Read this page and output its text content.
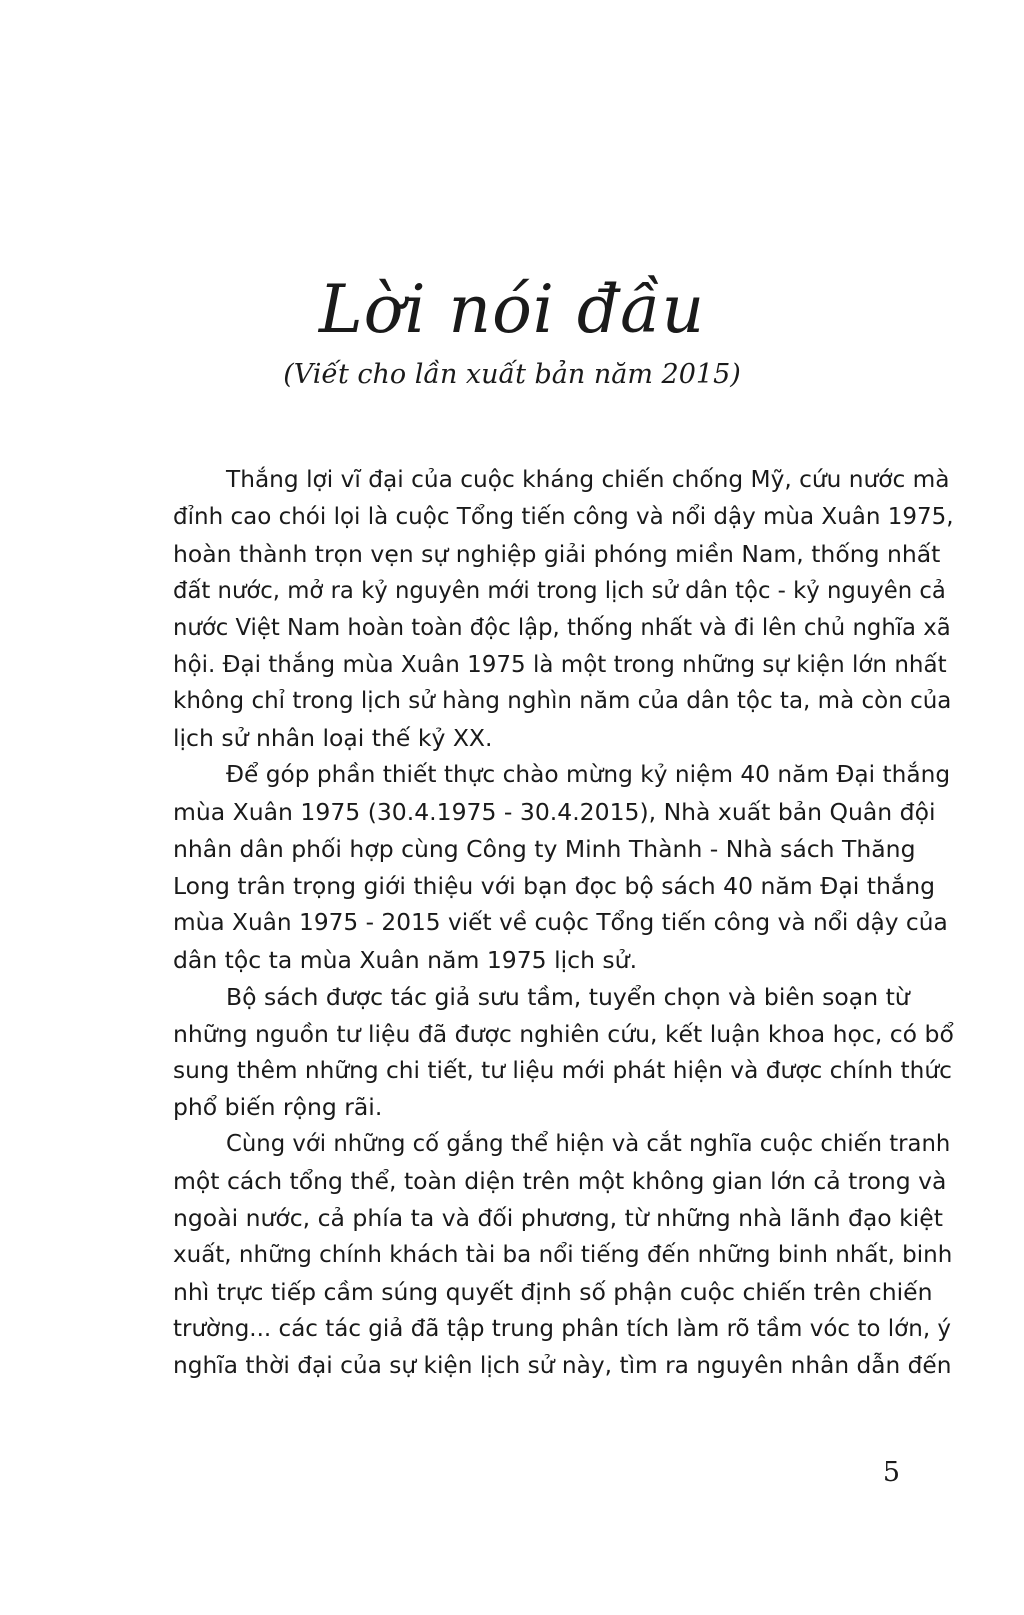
Lời nói đầu
(Viết cho lần xuất bản năm 2015)

Thắng lợi vĩ đại của cuộc kháng chiến chống Mỹ, cứu nước mà
đỉnh cao chói lọi là cuộc Tổng tiến công và nổi dậy mùa Xuân 1975,
hoàn thành trọn vẹn sự nghiệp giải phóng miền Nam, thống nhất
đất nước, mở ra kỷ nguyên mới trong lịch sử dân tộc - kỷ nguyên cả
nước Việt Nam hoàn toàn độc lập, thống nhất và đi lên chủ nghĩa xã
hội. Đại thắng mùa Xuân 1975 là một trong những sự kiện lớn nhất
không chỉ trong lịch sử hàng nghìn năm của dân tộc ta, mà còn của
lịch sử nhân loại thế kỷ XX.

Để góp phần thiết thực chào mừng kỷ niệm 40 năm Đại thắng
mùa Xuân 1975 (30.4.1975 - 30.4.2015), Nhà xuất bản Quân đội
nhân dân phối hợp cùng Công ty Minh Thành - Nhà sách Thăng
Long trân trọng giới thiệu với bạn đọc bộ sách 40 năm Đại thắng
mùa Xuân 1975 - 2015 viết về cuộc Tổng tiến công và nổi dậy của
dân tộc ta mùa Xuân năm 1975 lịch sử.

Bộ sách được tác giả sưu tầm, tuyển chọn và biên soạn từ
những nguồn tư liệu đã được nghiên cứu, kết luận khoa học, có bổ
sung thêm những chi tiết, tư liệu mới phát hiện và được chính thức
phổ biến rộng rãi.

Cùng với những cố gắng thể hiện và cắt nghĩa cuộc chiến tranh
một cách tổng thể, toàn diện trên một không gian lớn cả trong và
ngoài nước, cả phía ta và đối phương, từ những nhà lãnh đạo kiệt
xuất, những chính khách tài ba nổi tiếng đến những binh nhất, binh
nhì trực tiếp cầm súng quyết định số phận cuộc chiến trên chiến
trường... các tác giả đã tập trung phân tích làm rõ tầm vóc to lớn, ý
nghĩa thời đại của sự kiện lịch sử này, tìm ra nguyên nhân dẫn đến

5
